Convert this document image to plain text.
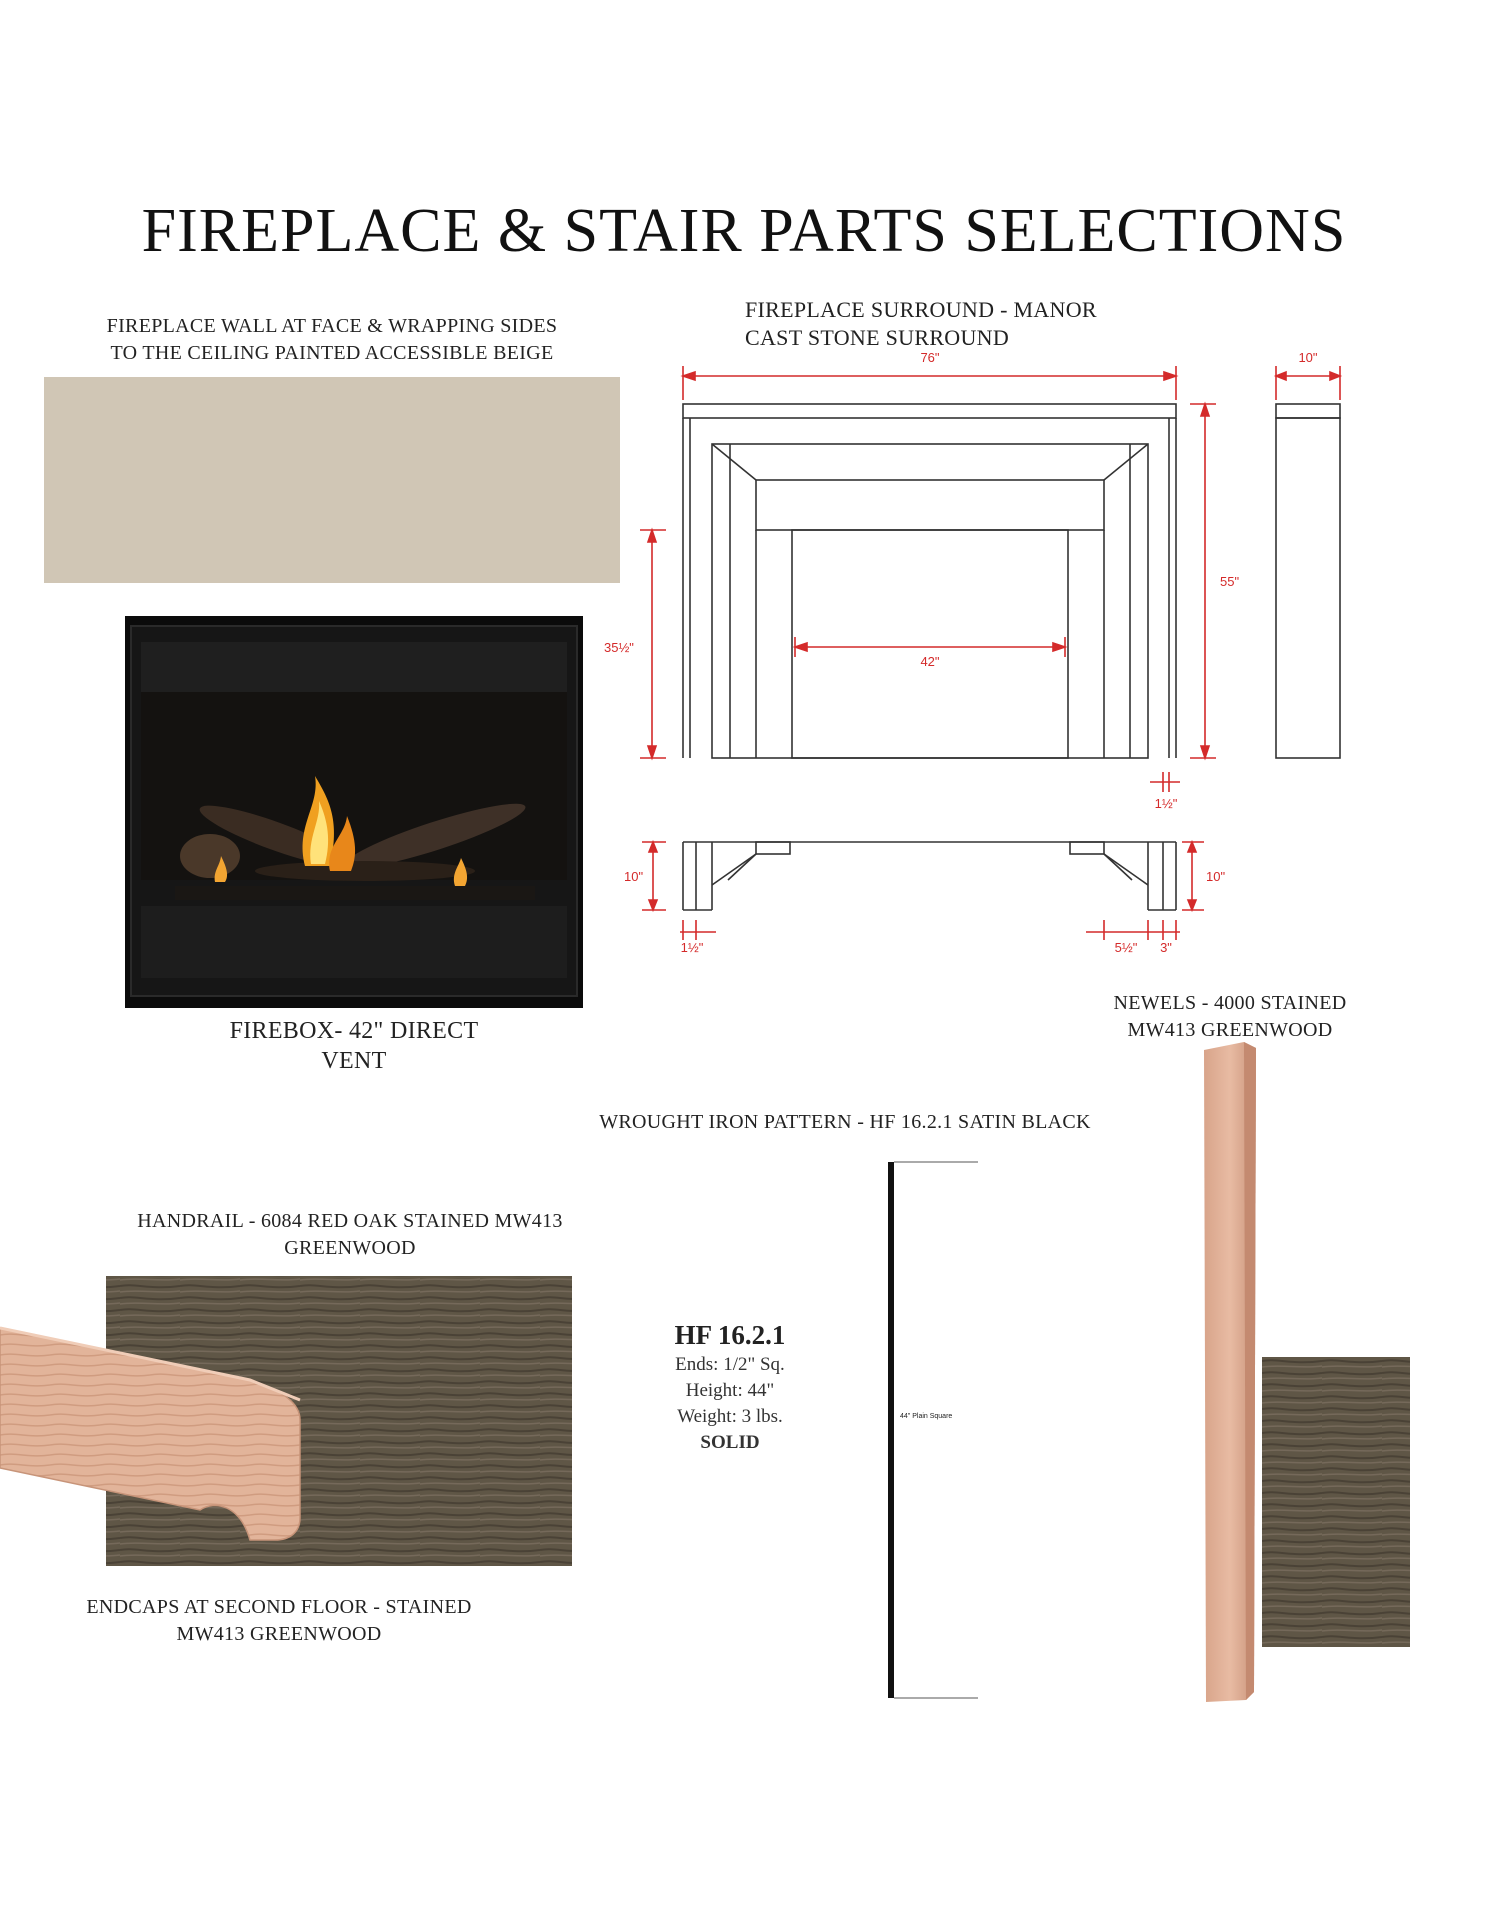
FIREPLACE & STAIR PARTS SELECTIONS
FIREPLACE WALL AT FACE & WRAPPING SIDES
TO THE CEILING PAINTED ACCESSIBLE BEIGE
FIREPLACE SURROUND - MANOR
CAST STONE SURROUND
76"	10"
55"
35½"
42"
1½"
10"	10"
1½"	5½" 3"
FIREBOX- 42" DIRECT
VENT
NEWELS - 4000 STAINED
MW413 GREENWOOD
WROUGHT IRON PATTERN - HF 16.2.1 SATIN BLACK
HANDRAIL - 6084 RED OAK STAINED MW413
GREENWOOD
ENDCAPS AT SECOND FLOOR - STAINED
MW413 GREENWOOD
HF 16.2.1
Ends: 1/2" Sq.
Height: 44"
Weight: 3 lbs.
SOLID
44" Plain Square
